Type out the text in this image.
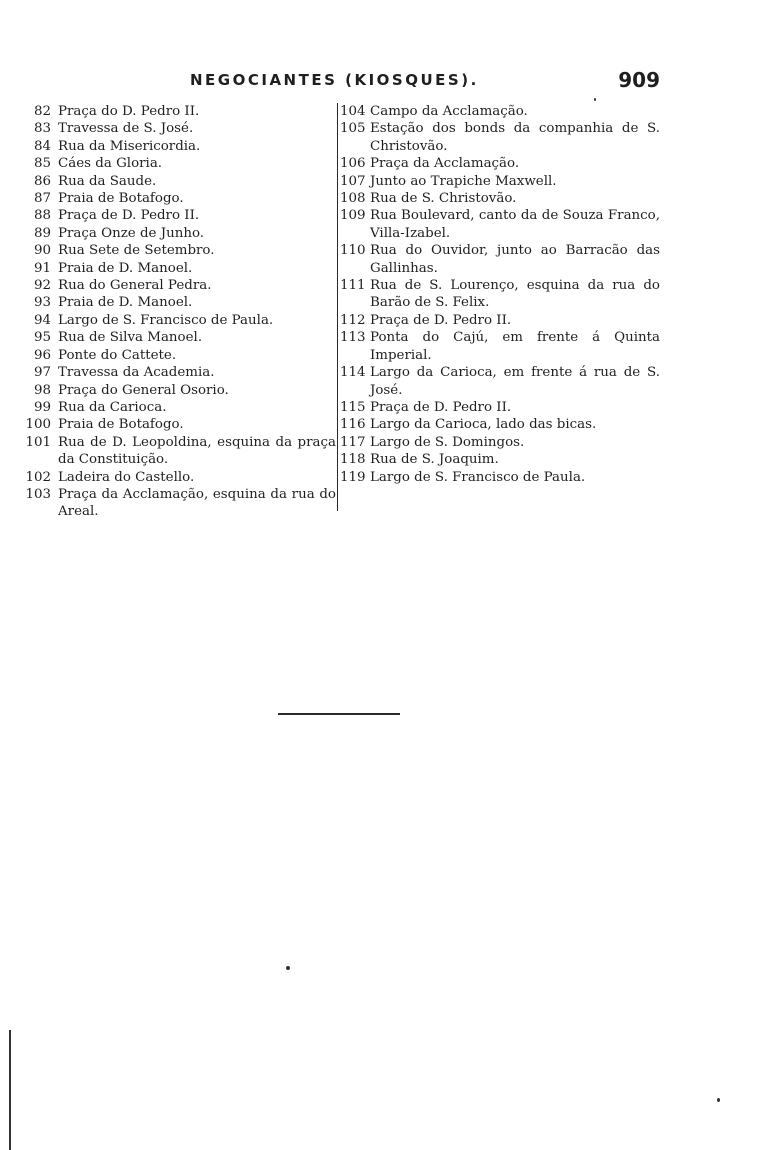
NEGOCIANTES (KIOSQUES).	909
82 Praça do D. Pedro II.
83 Travessa de S. José.
84 Rua da Misericordia.
85 Cáes da Gloria.
86 Rua da Saude.
87 Praia de Botafogo.
88 Praça de D. Pedro II.
89 Praça Onze de Junho.
90 Rua Sete de Setembro.
91 Praia de D. Manoel.
92 Rua do General Pedra.
93 Praia de D. Manoel.
94 Largo de S. Francisco de Paula.
95 Rua de Silva Manoel.
96 Ponte do Cattete.
97 Travessa da Academia.
98 Praça do General Osorio.
99 Rua da Carioca.
100 Praia de Botafogo.
101 Rua de D. Leopoldina, esquina da praça da Constituição.
102 Ladeira do Castello.
103 Praça da Acclamação, esquina da rua do Areal.
104 Campo da Acclamação.
105 Estação dos bonds da companhia de S. Christovão.
106 Praça da Acclamação.
107 Junto ao Trapiche Maxwell.
108 Rua de S. Christovão.
109 Rua Boulevard, canto da de Souza Franco, Villa-Izabel.
110 Rua do Ouvidor, junto ao Barracão das Gallinhas.
111 Rua de S. Lourenço, esquina da rua do Barão de S. Felix.
112 Praça de D. Pedro II.
113 Ponta do Cajú, em frente á Quinta Imperial.
114 Largo da Carioca, em frente á rua de S. José.
115 Praça de D. Pedro II.
116 Largo da Carioca, lado das bicas.
117 Largo de S. Domingos.
118 Rua de S. Joaquim.
119 Largo de S. Francisco de Paula.
